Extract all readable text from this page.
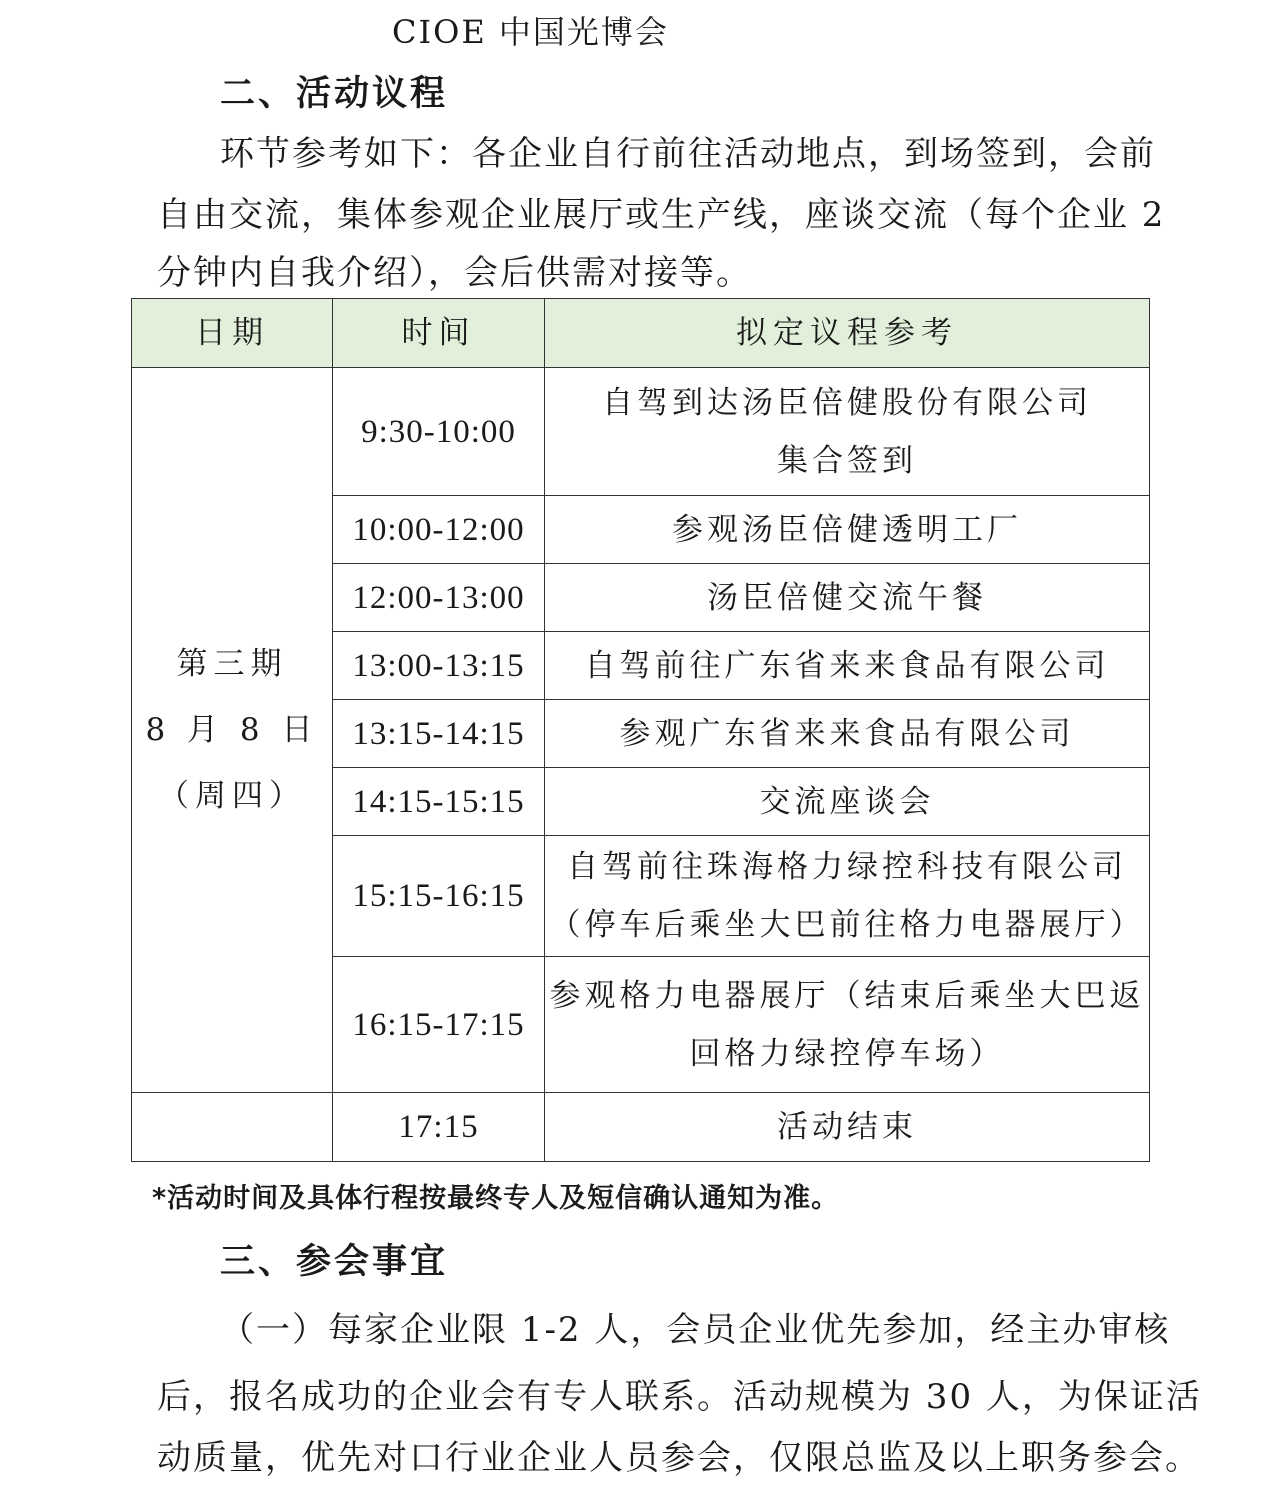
CIOE 中国光博会
二、活动议程
环节参考如下：各企业自行前往活动地点，到场签到，会前
自由交流，集体参观企业展厅或生产线，座谈交流（每个企业 2
分钟内自我介绍），会后供需对接等。
日期	时间	拟定议程参考

第三期
8 月 8 日
（周四）	9:30-10:00	自驾到达汤臣倍健股份有限公司
集合签到

	10:00-12:00	参观汤臣倍健透明工厂
	12:00-13:00	汤臣倍健交流午餐
	13:00-13:15	自驾前往广东省来来食品有限公司
	13:15-14:15	参观广东省来来食品有限公司
	14:15-15:15	交流座谈会
	15:15-16:15	自驾前往珠海格力绿控科技有限公司
（停车后乘坐大巴前往格力电器展厅）

	16:15-17:15	参观格力电器展厅（结束后乘坐大巴返
回格力绿控停车场）

	17:15	活动结束
*活动时间及具体行程按最终专人及短信确认通知为准。
三、参会事宜
（一）每家企业限 1-2 人，会员企业优先参加，经主办审核
后，报名成功的企业会有专人联系。活动规模为 30 人，为保证活
动质量，优先对口行业企业人员参会，仅限总监及以上职务参会。
